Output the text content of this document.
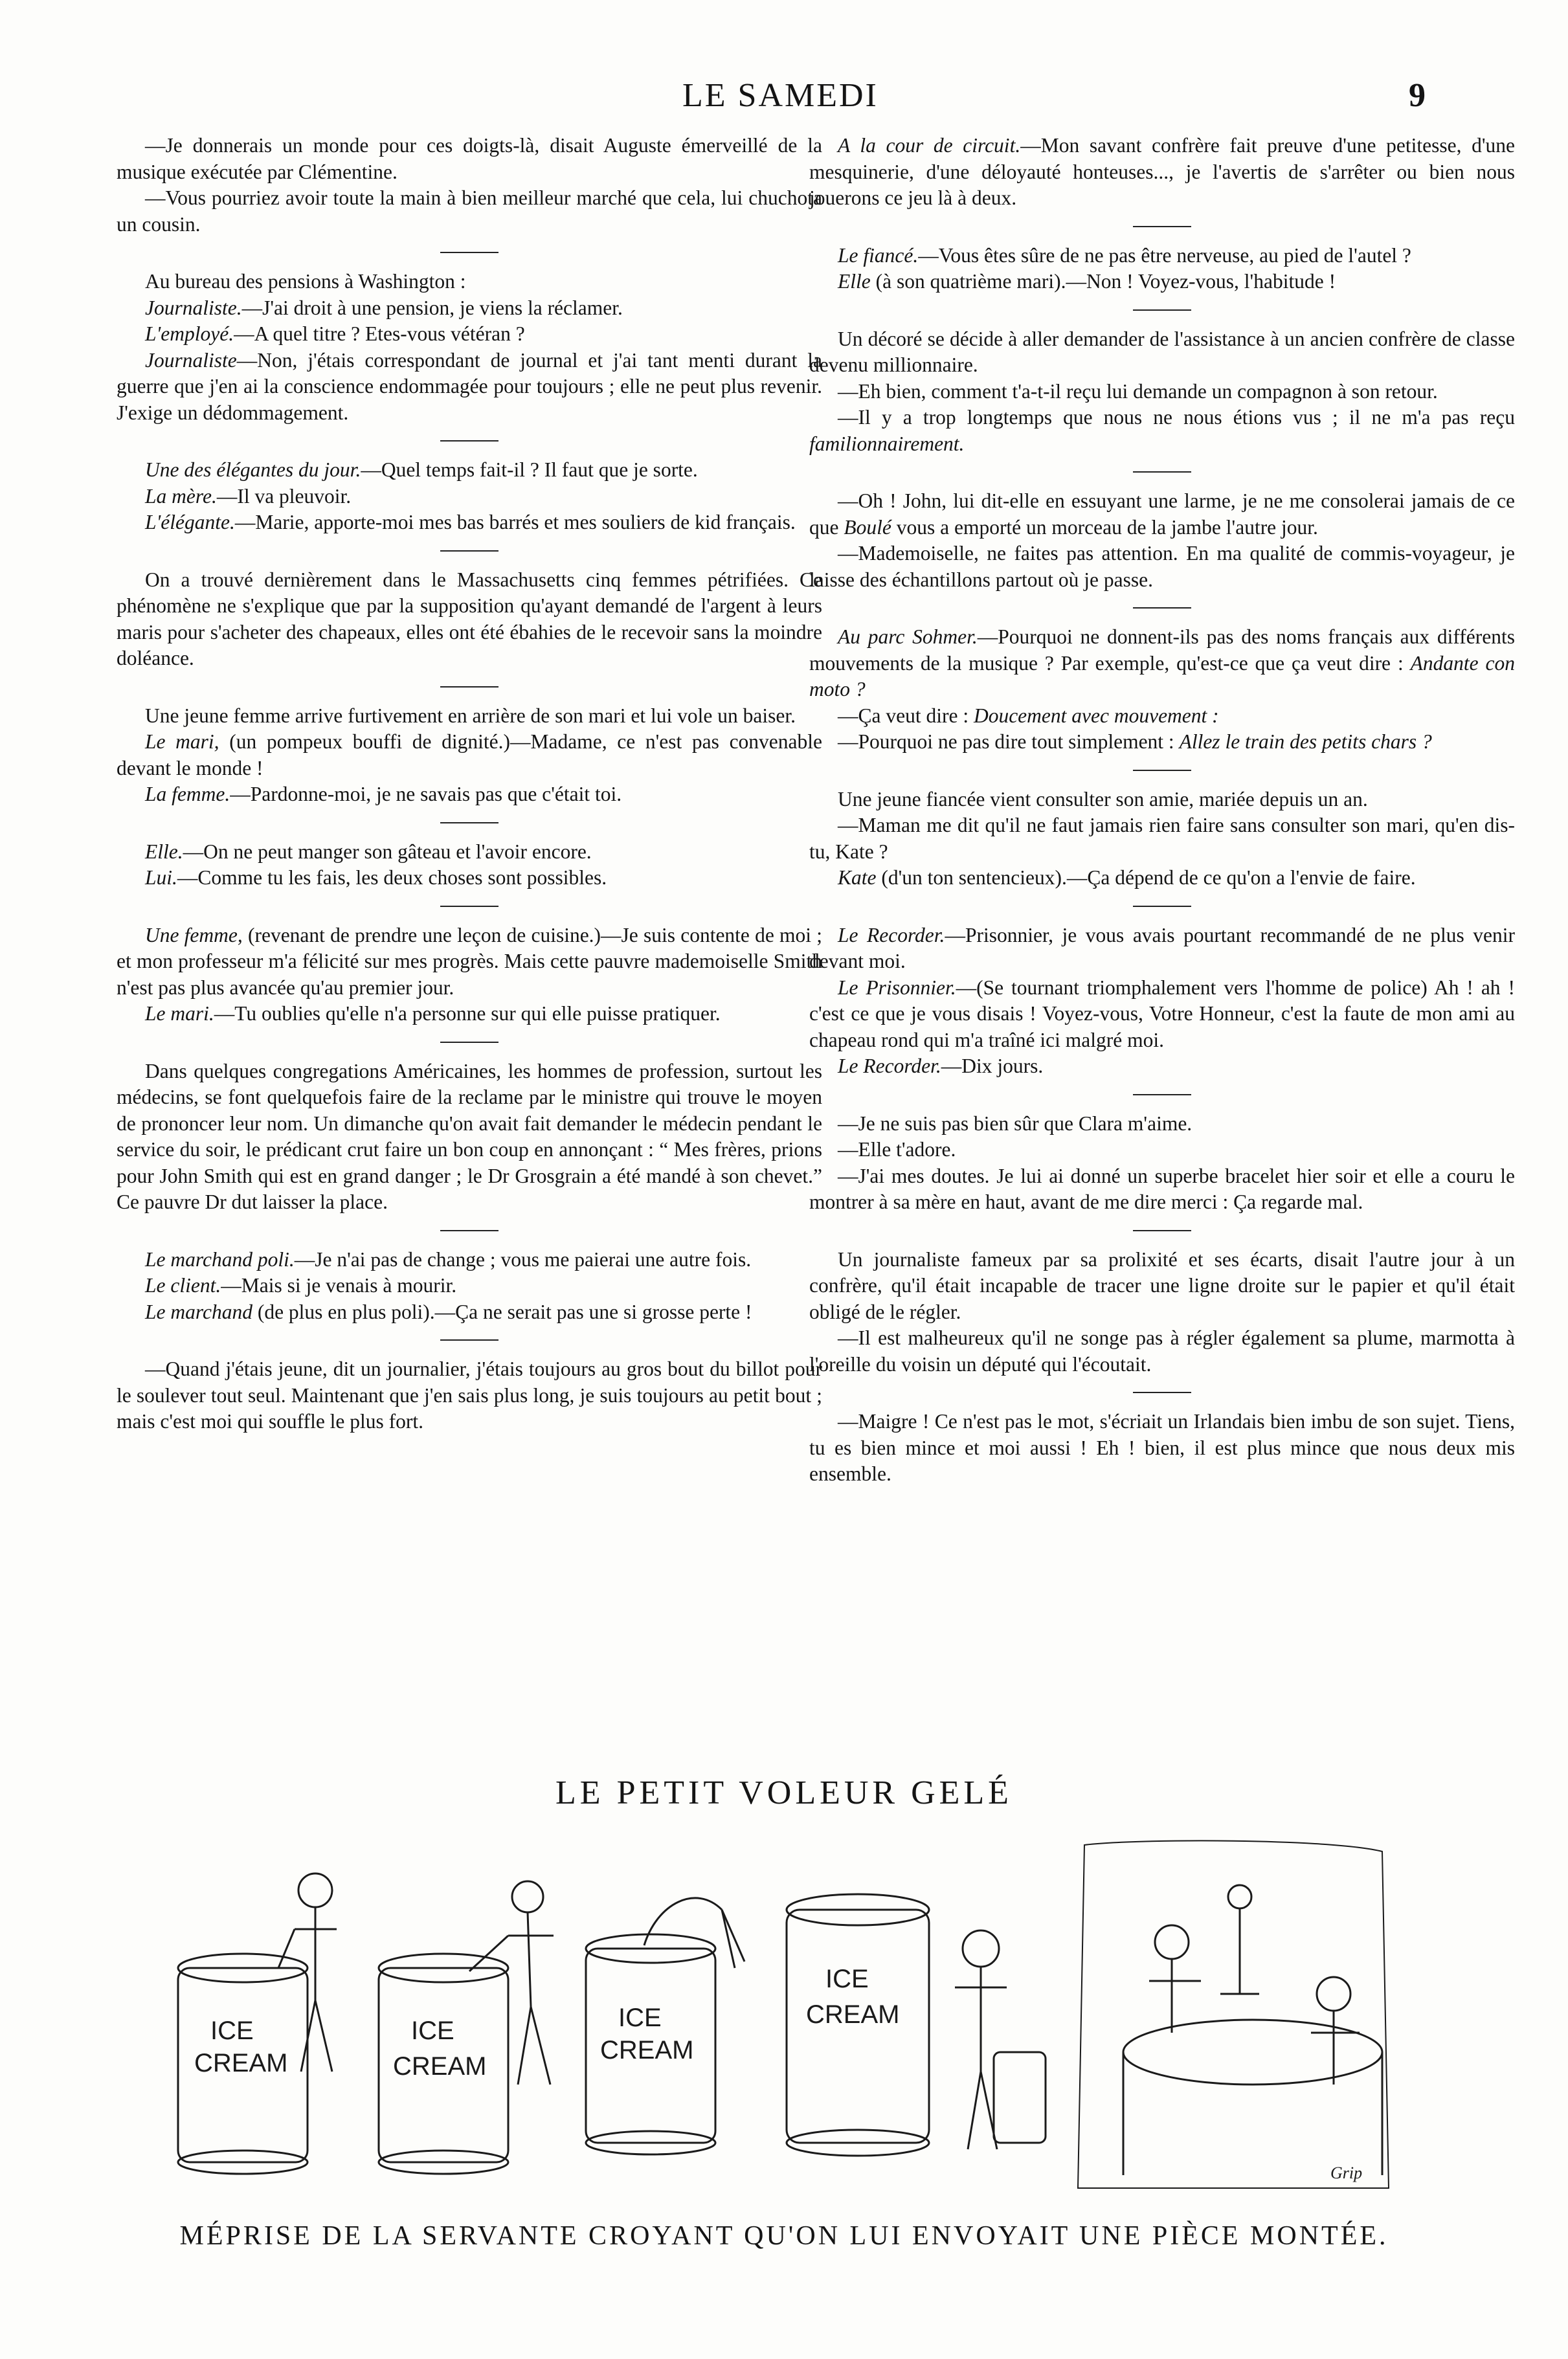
LE SAMEDI	9

—Je donnerais un monde pour ces doigts-là, disait Auguste émerveillé de la musique exécutée par Clémentine.

—Vous pourriez avoir toute la main à bien meilleur marché que cela, lui chuchota un cousin.

Au bureau des pensions à Washington :

Journaliste.—J'ai droit à une pension, je viens la réclamer.

L'employé.—A quel titre ? Etes-vous vétéran ?

Journaliste—Non, j'étais correspondant de journal et j'ai tant menti durant la guerre que j'en ai la conscience endommagée pour toujours ; elle ne peut plus revenir. J'exige un dédommagement.

Une des élégantes du jour.—Quel temps fait-il ? Il faut que je sorte.

La mère.—Il va pleuvoir.

L'élégante.—Marie, apporte-moi mes bas barrés et mes souliers de kid français.

On a trouvé dernièrement dans le Massachusetts cinq femmes pétrifiées. Ce phénomène ne s'explique que par la supposition qu'ayant demandé de l'argent à leurs maris pour s'acheter des chapeaux, elles ont été ébahies de le recevoir sans la moindre doléance.

Une jeune femme arrive furtivement en arrière de son mari et lui vole un baiser.

Le mari, (un pompeux bouffi de dignité.)—Madame, ce n'est pas convenable devant le monde !

La femme.—Pardonne-moi, je ne savais pas que c'était toi.

Elle.—On ne peut manger son gâteau et l'avoir encore.

Lui.—Comme tu les fais, les deux choses sont possibles.

Une femme, (revenant de prendre une leçon de cuisine.)—Je suis contente de moi ; et mon professeur m'a félicité sur mes progrès. Mais cette pauvre mademoiselle Smith n'est pas plus avancée qu'au premier jour.

Le mari.—Tu oublies qu'elle n'a personne sur qui elle puisse pratiquer.

Dans quelques congregations Américaines, les hommes de profession, surtout les médecins, se font quelquefois faire de la reclame par le ministre qui trouve le moyen de prononcer leur nom. Un dimanche qu'on avait fait demander le médecin pendant le service du soir, le prédicant crut faire un bon coup en annonçant : “ Mes frères, prions pour John Smith qui est en grand danger ; le Dr Grosgrain a été mandé à son chevet.” Ce pauvre Dr dut laisser la place.

Le marchand poli.—Je n'ai pas de change ; vous me paierai une autre fois.

Le client.—Mais si je venais à mourir.

Le marchand (de plus en plus poli).—Ça ne serait pas une si grosse perte !

—Quand j'étais jeune, dit un journalier, j'étais toujours au gros bout du billot pour le soulever tout seul. Maintenant que j'en sais plus long, je suis toujours au petit bout ; mais c'est moi qui souffle le plus fort.

A la cour de circuit.—Mon savant confrère fait preuve d'une petitesse, d'une mesquinerie, d'une déloyauté honteuses..., je l'avertis de s'arrêter ou bien nous jouerons ce jeu là à deux.

Le fiancé.—Vous êtes sûre de ne pas être nerveuse, au pied de l'autel ?

Elle (à son quatrième mari).—Non ! Voyez-vous, l'habitude !

Un décoré se décide à aller demander de l'assistance à un ancien confrère de classe devenu millionnaire.

—Eh bien, comment t'a-t-il reçu lui demande un compagnon à son retour.

—Il y a trop longtemps que nous ne nous étions vus ; il ne m'a pas reçu familionnairement.

—Oh ! John, lui dit-elle en essuyant une larme, je ne me consolerai jamais de ce que Boulé vous a emporté un morceau de la jambe l'autre jour.

—Mademoiselle, ne faites pas attention. En ma qualité de commis-voyageur, je laisse des échantillons partout où je passe.

Au parc Sohmer.—Pourquoi ne donnent-ils pas des noms français aux différents mouvements de la musique ? Par exemple, qu'est-ce que ça veut dire : Andante con moto ?

—Ça veut dire : Doucement avec mouvement :

—Pourquoi ne pas dire tout simplement : Allez le train des petits chars ?

Une jeune fiancée vient consulter son amie, mariée depuis un an.

—Maman me dit qu'il ne faut jamais rien faire sans consulter son mari, qu'en dis-tu, Kate ?

Kate (d'un ton sentencieux).—Ça dépend de ce qu'on a l'envie de faire.

Le Recorder.—Prisonnier, je vous avais pourtant recommandé de ne plus venir devant moi.

Le Prisonnier.—(Se tournant triomphalement vers l'homme de police) Ah ! ah ! c'est ce que je vous disais ! Voyez-vous, Votre Honneur, c'est la faute de mon ami au chapeau rond qui m'a traîné ici malgré moi.

Le Recorder.—Dix jours.

—Je ne suis pas bien sûr que Clara m'aime.

—Elle t'adore.

—J'ai mes doutes. Je lui ai donné un superbe bracelet hier soir et elle a couru le montrer à sa mère en haut, avant de me dire merci : Ça regarde mal.

Un journaliste fameux par sa prolixité et ses écarts, disait l'autre jour à un confrère, qu'il était incapable de tracer une ligne droite sur le papier et qu'il était obligé de le régler.

—Il est malheureux qu'il ne songe pas à régler également sa plume, marmotta à l'oreille du voisin un député qui l'écoutait.

—Maigre ! Ce n'est pas le mot, s'écriait un Irlandais bien imbu de son sujet. Tiens, tu es bien mince et moi aussi ! Eh ! bien, il est plus mince que nous deux mis ensemble.

LE PETIT VOLEUR GELÉ
ICE
CREAM
ICE
CREAM
ICE
CREAM
ICE
CREAM
Grip
MÉPRISE DE LA SERVANTE CROYANT QU'ON LUI ENVOYAIT UNE PIÈCE MONTÉE.
